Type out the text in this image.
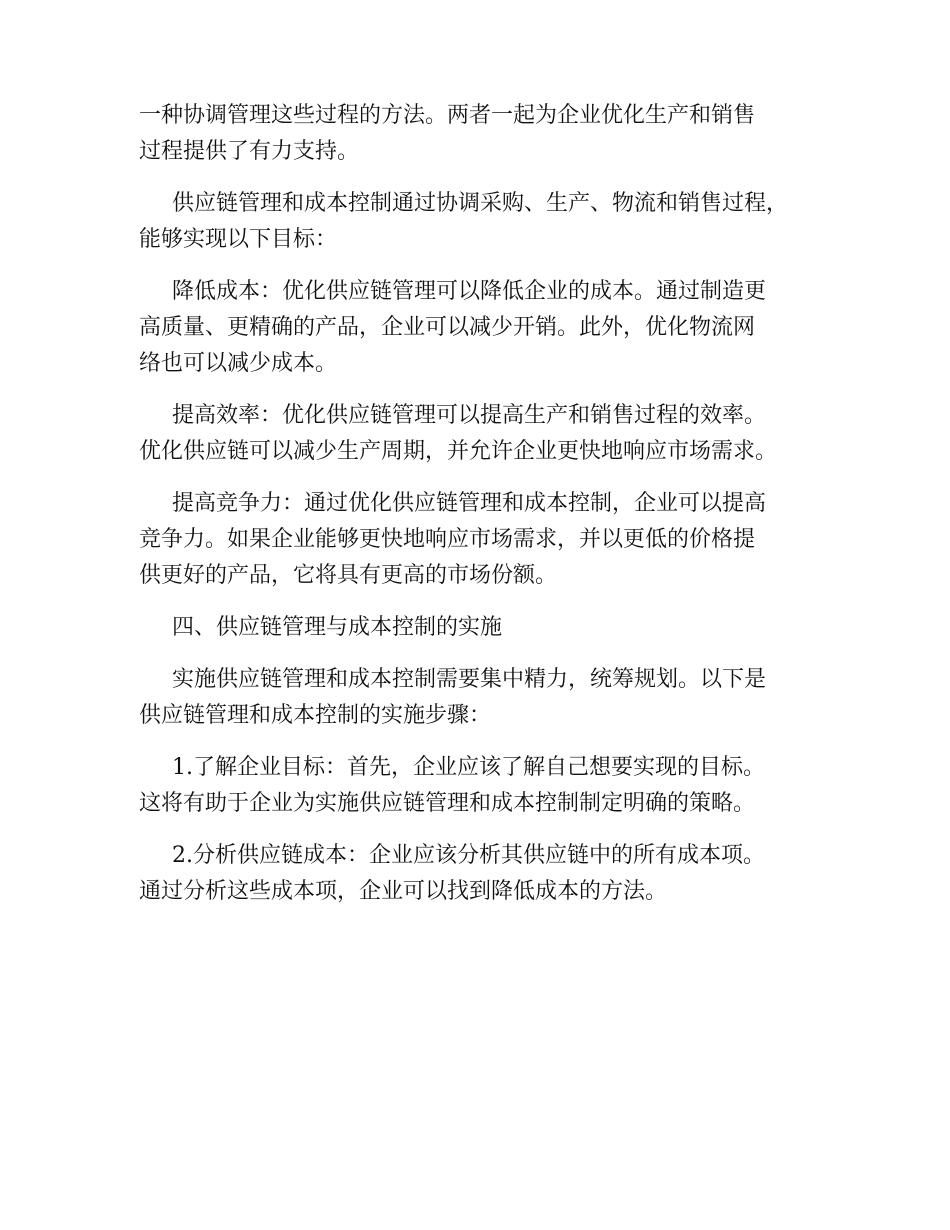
一种协调管理这些过程的方法。两者一起为企业优化生产和销售
过程提供了有力支持。
供应链管理和成本控制通过协调采购、生产、物流和销售过程，
能够实现以下目标：
降低成本：优化供应链管理可以降低企业的成本。通过制造更
高质量、更精确的产品，企业可以减少开销。此外，优化物流网
络也可以减少成本。
提高效率：优化供应链管理可以提高生产和销售过程的效率。
优化供应链可以减少生产周期，并允许企业更快地响应市场需求。
提高竞争力：通过优化供应链管理和成本控制，企业可以提高
竞争力。如果企业能够更快地响应市场需求，并以更低的价格提
供更好的产品，它将具有更高的市场份额。
四、供应链管理与成本控制的实施
实施供应链管理和成本控制需要集中精力，统筹规划。以下是
供应链管理和成本控制的实施步骤：
1.了解企业目标：首先，企业应该了解自己想要实现的目标。
这将有助于企业为实施供应链管理和成本控制制定明确的策略。
2.分析供应链成本：企业应该分析其供应链中的所有成本项。
通过分析这些成本项，企业可以找到降低成本的方法。
